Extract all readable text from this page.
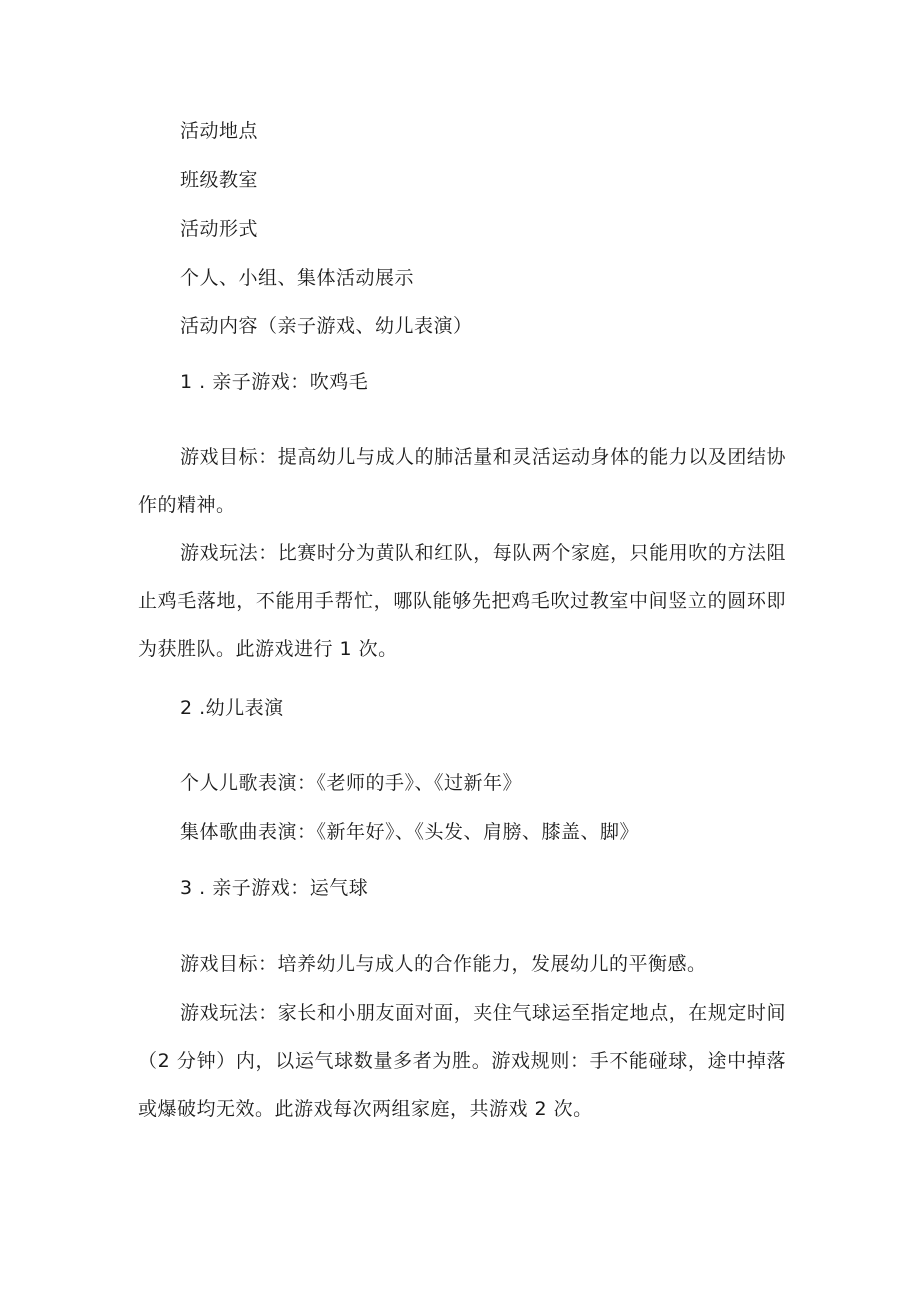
活动地点
班级教室
活动形式
个人、小组、集体活动展示
活动内容（亲子游戏、幼儿表演）
1 . 亲子游戏：吹鸡毛
游戏目标：提高幼儿与成人的肺活量和灵活运动身体的能力以及团结协作的精神。
游戏玩法：比赛时分为黄队和红队，每队两个家庭，只能用吹的方法阻止鸡毛落地，不能用手帮忙，哪队能够先把鸡毛吹过教室中间竖立的圆环即为获胜队。此游戏进行 1 次。
2 .幼儿表演
个人儿歌表演：《老师的手》、《过新年》
集体歌曲表演：《新年好》、《头发、肩膀、膝盖、脚》
3 . 亲子游戏：运气球
游戏目标：培养幼儿与成人的合作能力，发展幼儿的平衡感。
游戏玩法：家长和小朋友面对面，夹住气球运至指定地点，在规定时间（2 分钟）内，以运气球数量多者为胜。游戏规则：手不能碰球，途中掉落或爆破均无效。此游戏每次两组家庭，共游戏 2 次。
